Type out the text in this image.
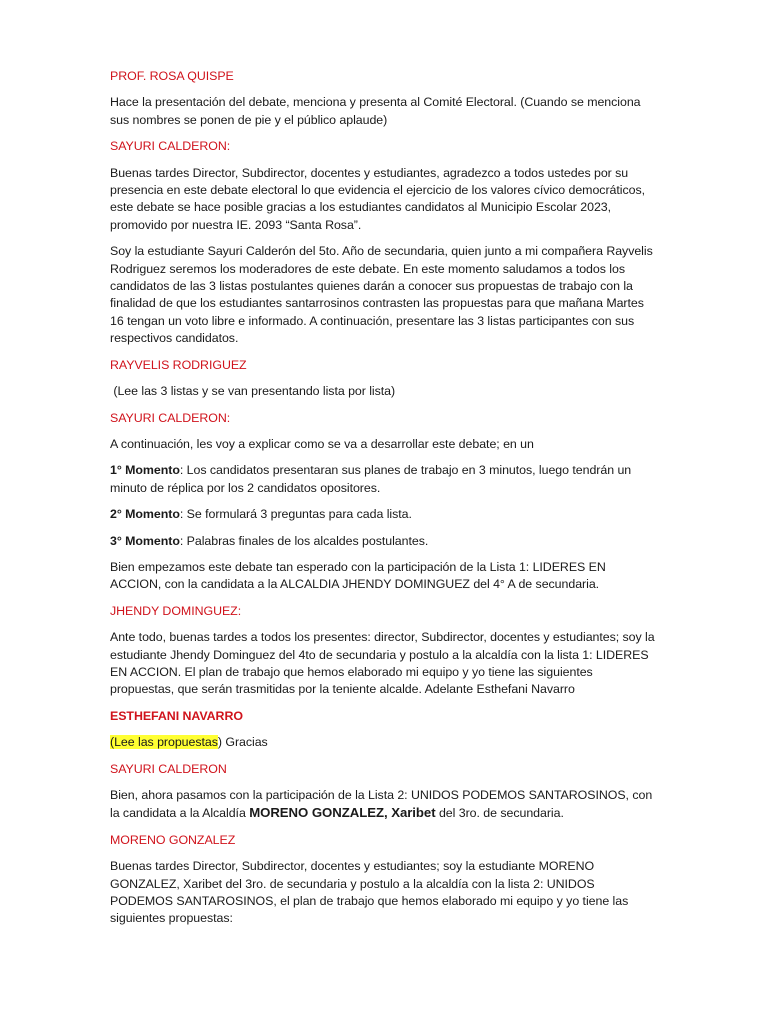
PROF. ROSA QUISPE

Hace la presentación del debate, menciona y presenta al Comité Electoral. (Cuando se menciona sus nombres se ponen de pie y el público aplaude)

SAYURI CALDERON:

Buenas tardes Director, Subdirector, docentes y estudiantes, agradezco a todos ustedes por su presencia en este debate electoral lo que evidencia el ejercicio de los valores cívico democráticos, este debate se hace posible gracias a los estudiantes candidatos al Municipio Escolar 2023, promovido por nuestra IE. 2093 “Santa Rosa”.

Soy la estudiante Sayuri Calderón del 5to. Año de secundaria, quien junto a mi compañera Rayvelis Rodriguez seremos los moderadores de este debate. En este momento saludamos a todos los candidatos de las 3 listas postulantes quienes darán a conocer sus propuestas de trabajo con la finalidad de que los estudiantes santarrosinos contrasten las propuestas para que mañana Martes 16 tengan un voto libre e informado. A continuación, presentare las 3 listas participantes con sus respectivos candidatos.

RAYVELIS RODRIGUEZ

(Lee las 3 listas y se van presentando lista por lista)

SAYURI CALDERON:

A continuación, les voy a explicar como se va a desarrollar este debate; en un

1° Momento: Los candidatos presentaran sus planes de trabajo en 3 minutos, luego tendrán un minuto de réplica por los 2 candidatos opositores.

2° Momento: Se formulará 3 preguntas para cada lista.

3° Momento: Palabras finales de los alcaldes postulantes.

Bien empezamos este debate tan esperado con la participación de la Lista 1: LIDERES EN ACCION, con la candidata a la ALCALDIA JHENDY DOMINGUEZ del 4° A de secundaria.

JHENDY DOMINGUEZ:

Ante todo, buenas tardes a todos los presentes: director, Subdirector, docentes y estudiantes; soy la estudiante Jhendy Dominguez del 4to de secundaria y postulo a la alcaldía con la lista 1: LIDERES EN ACCION. El plan de trabajo que hemos elaborado mi equipo y yo tiene las siguientes propuestas, que serán trasmitidas por la teniente alcalde. Adelante Esthefani Navarro

ESTHEFANI NAVARRO

(Lee las propuestas) Gracias

SAYURI CALDERON

Bien, ahora pasamos con la participación de la Lista 2: UNIDOS PODEMOS SANTAROSINOS, con la candidata a la Alcaldía MORENO GONZALEZ, Xaribet del 3ro. de secundaria.

MORENO GONZALEZ

Buenas tardes Director, Subdirector, docentes y estudiantes; soy la estudiante MORENO GONZALEZ, Xaribet del 3ro. de secundaria y postulo a la alcaldía con la lista 2: UNIDOS PODEMOS SANTAROSINOS, el plan de trabajo que hemos elaborado mi equipo y yo tiene las siguientes propuestas:
